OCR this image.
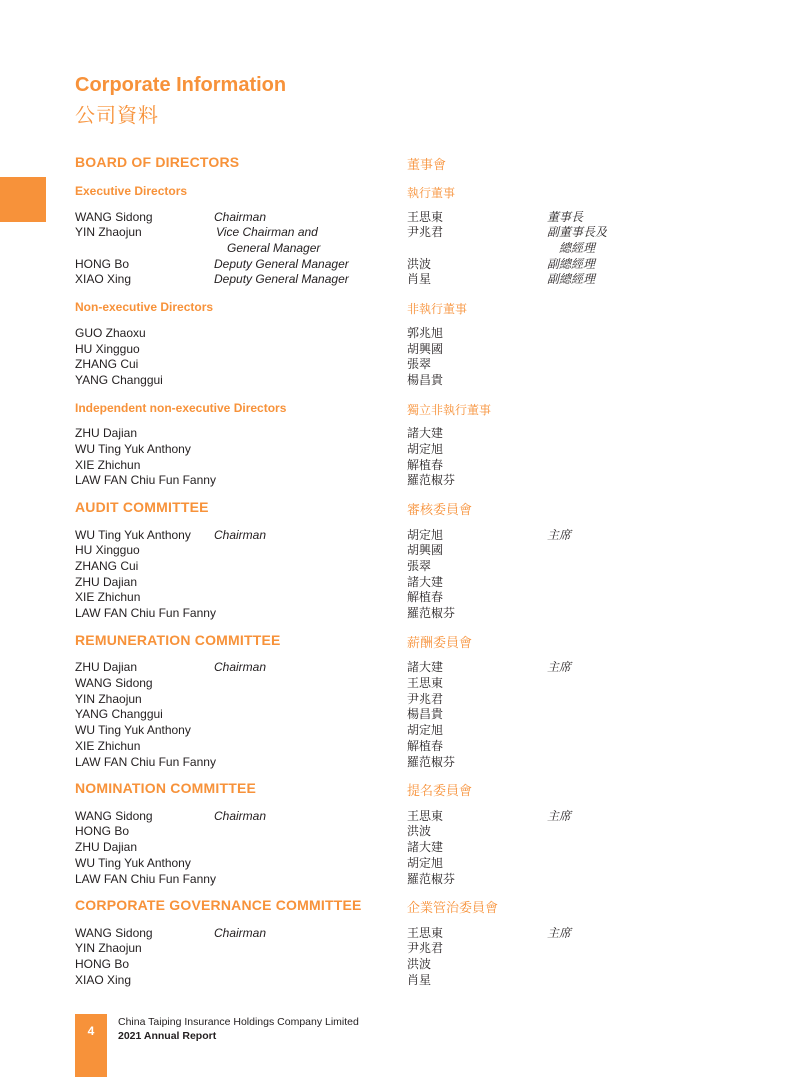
Corporate Information
公司資料
BOARD OF DIRECTORS	董事會
Executive Directors	執行董事
WANG Sidong	Chairman	王思東	董事長
YIN Zhaojun	Vice Chairman and	尹兆君	副董事長及
General Manager	總經理
HONG Bo	Deputy General Manager	洪波	副總經理
XIAO Xing	Deputy General Manager	肖星	副總經理
Non-executive Directors	非執行董事
GUO Zhaoxu	郭兆旭
HU Xingguo	胡興國
ZHANG Cui	張翠
YANG Changgui	楊昌貴
Independent non-executive Directors	獨立非執行董事
ZHU Dajian	諸大建
WU Ting Yuk Anthony	胡定旭
XIE Zhichun	解植春
LAW FAN Chiu Fun Fanny	羅范椒芬
AUDIT COMMITTEE	審核委員會
WU Ting Yuk Anthony Chairman	胡定旭	主席
HU Xingguo	胡興國
ZHANG Cui	張翠
ZHU Dajian	諸大建
XIE Zhichun	解植春
LAW FAN Chiu Fun Fanny	羅范椒芬
REMUNERATION COMMITTEE	薪酬委員會
ZHU Dajian	Chairman	諸大建	主席
WANG Sidong	王思東
YIN Zhaojun	尹兆君
YANG Changgui	楊昌貴
WU Ting Yuk Anthony	胡定旭
XIE Zhichun	解植春
LAW FAN Chiu Fun Fanny	羅范椒芬
NOMINATION COMMITTEE	提名委員會
WANG Sidong	Chairman	王思東	主席
HONG Bo	洪波
ZHU Dajian	諸大建
WU Ting Yuk Anthony	胡定旭
LAW FAN Chiu Fun Fanny	羅范椒芬
CORPORATE GOVERNANCE COMMITTEE	企業管治委員會
WANG Sidong	Chairman	王思東	主席
YIN Zhaojun	尹兆君
HONG Bo	洪波
XIAO Xing	肖星
4
China Taiping Insurance Holdings Company Limited
2021 Annual Report
